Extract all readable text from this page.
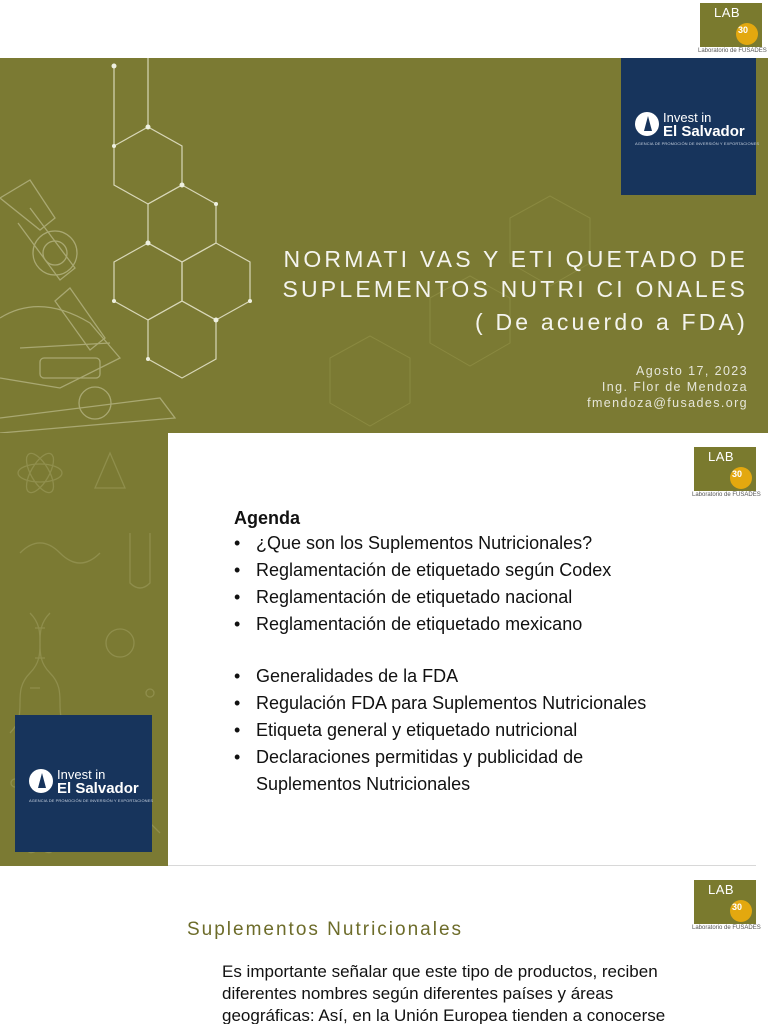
LAB
30
Laboratorio de FUSADES
Invest in
El Salvador
AGENCIA DE PROMOCIÓN DE INVERSIÓN Y EXPORTACIONES
NORMATI VAS Y ETI QUETADO DE
SUPLEMENTOS NUTRI CI ONALES
( De acuerdo a FDA)
Agosto 17, 2023
Ing. Flor de Mendoza
fmendoza@fusades.org
Invest in
El Salvador
AGENCIA DE PROMOCIÓN DE INVERSIÓN Y EXPORTACIONES
LAB
30
Laboratorio de FUSADES
Agenda
• ¿Que son los Suplementos Nutricionales?
• Reglamentación de etiquetado según Codex
• Reglamentación de etiquetado nacional
• Reglamentación de etiquetado mexicano
• Generalidades de la FDA
• Regulación FDA para Suplementos Nutricionales
• Etiqueta general y etiquetado nutricional
• Declaraciones permitidas y publicidad de
Suplementos Nutricionales
LAB
30
Laboratorio de FUSADES
Suplementos Nutricionales
Es importante señalar que este tipo de productos, reciben
diferentes nombres según diferentes países y áreas
geográficas: Así, en la Unión Europea tienden a conocerse
